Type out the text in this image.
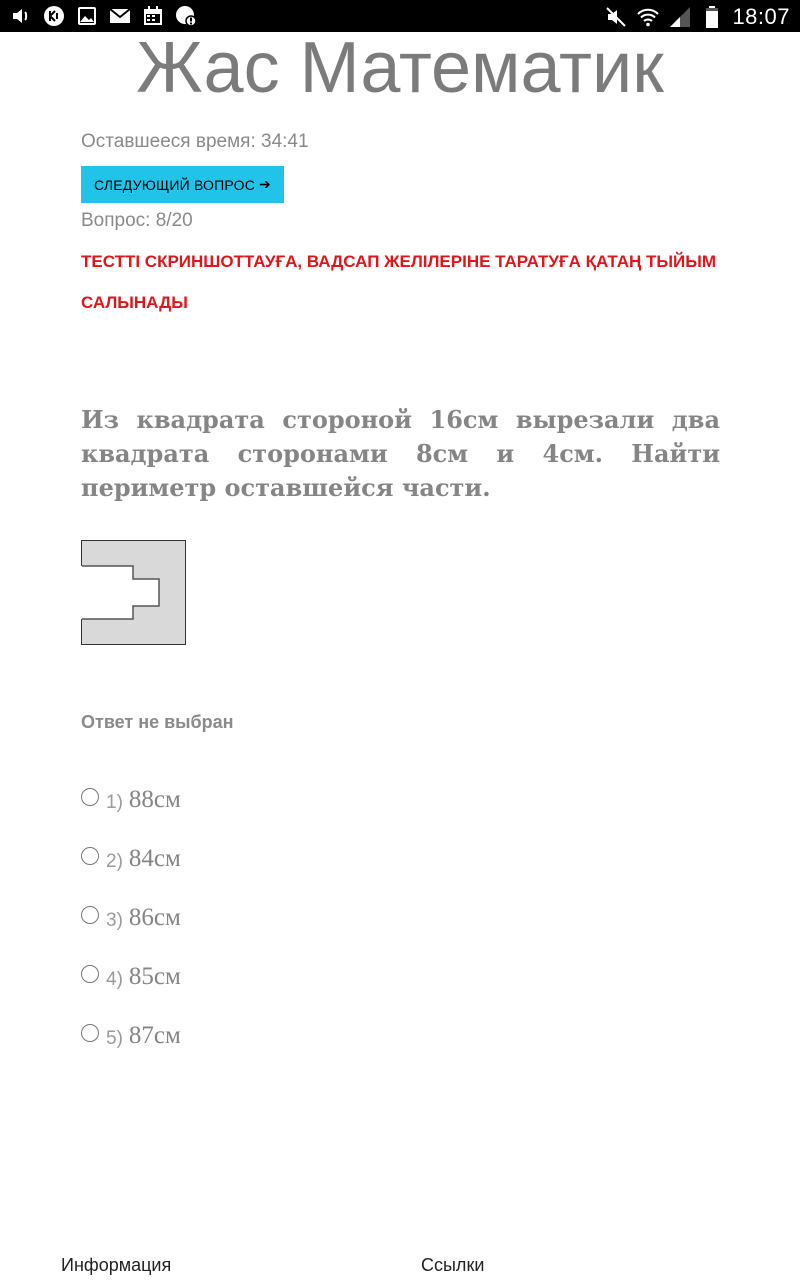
18:07
Жас Математик
Оставшееся время: 34:41
СЛЕДУЮЩИЙ ВОПРОС ➔
Вопрос: 8/20
ТЕСТТІ СКРИНШОТТАУҒА, ВАДСАП ЖЕЛІЛЕРІНЕ ТАРАТУҒА ҚАТАҢ ТЫЙЫМ САЛЫНАДЫ
Из квадрата стороной 16см вырезали два квадрата сторонами 8см и 4см. Найти периметр оставшейся части.
Ответ не выбран
1) 88см
2) 84см
3) 86см
4) 85см
5) 87см
Информация	Ссылки
